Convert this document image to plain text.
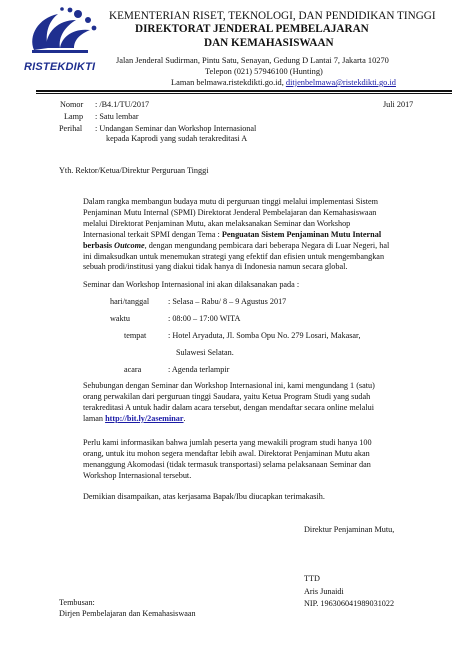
RISTEKDIKTI
KEMENTERIAN RISET, TEKNOLOGI, DAN PENDIDIKAN TINGGI
DIREKTORAT JENDERAL PEMBELAJARAN
DAN KEMAHASISWAAN
Jalan Jenderal Sudirman, Pintu Satu, Senayan, Gedung D Lantai 7, Jakarta 10270
Telepon (021) 57946100 (Hunting)
Laman belmawa.ristekdikti.go.id, ditjenbelmawa@ristekdikti.go.id
Nomor : /B4.1/TU/2017	Juli 2017
Lamp : Satu lembar
Perihal : Undangan Seminar dan Workshop Internasional
kepada Kaprodi yang sudah terakreditasi A
Yth. Rektor/Ketua/Direktur Perguruan Tinggi
Dalam rangka membangun budaya mutu di perguruan tinggi melalui implementasi Sistem
Penjaminan Mutu Internal (SPMI) Direktorat Jenderal Pembelajaran dan Kemahasiswaan
melalui Direktorat Penjaminan Mutu, akan melaksanakan Seminar dan Workshop
Internasional terkait SPMI dengan Tema : Penguatan Sistem Penjaminan Mutu Internal
berbasis Outcome, dengan mengundang pembicara dari beberapa Negara di Luar Negeri, hal
ini dimaksudkan untuk menemukan strategi yang efektif dan efisien untuk mengembangkan
sebuah prodi/institusi yang diakui tidak hanya di Indonesia namun secara global.
Seminar dan Workshop Internasional ini akan dilaksanakan pada :
hari/tanggal : Selasa – Rabu/ 8 – 9 Agustus 2017
waktu	: 08:00 – 17:00 WITA
tempat	: Hotel Aryaduta, Jl. Somba Opu No. 279 Losari, Makasar,
Sulawesi Selatan.
acara	: Agenda terlampir
Sehubungan dengan Seminar dan Workshop Internasional ini, kami mengundang 1 (satu)
orang perwakilan dari perguruan tinggi Saudara, yaitu Ketua Program Studi yang sudah
terakreditasi A untuk hadir dalam acara tersebut, dengan mendaftar secara online melalui
laman http://bit.ly/2aseminar.
Perlu kami informasikan bahwa jumlah peserta yang mewakili program studi hanya 100
orang, untuk itu mohon segera mendaftar lebih awal. Direktorat Penjaminan Mutu akan
menanggung Akomodasi (tidak termasuk transportasi) selama pelaksanaan Seminar dan
Workshop Internasional tersebut.
Demikian disampaikan, atas kerjasama Bapak/Ibu diucapkan terimakasih.
Direktur Penjaminan Mutu,
TTD
Aris Junaidi
NIP. 196306041989031022
Tembusan:
Dirjen Pembelajaran dan Kemahasiswaan
